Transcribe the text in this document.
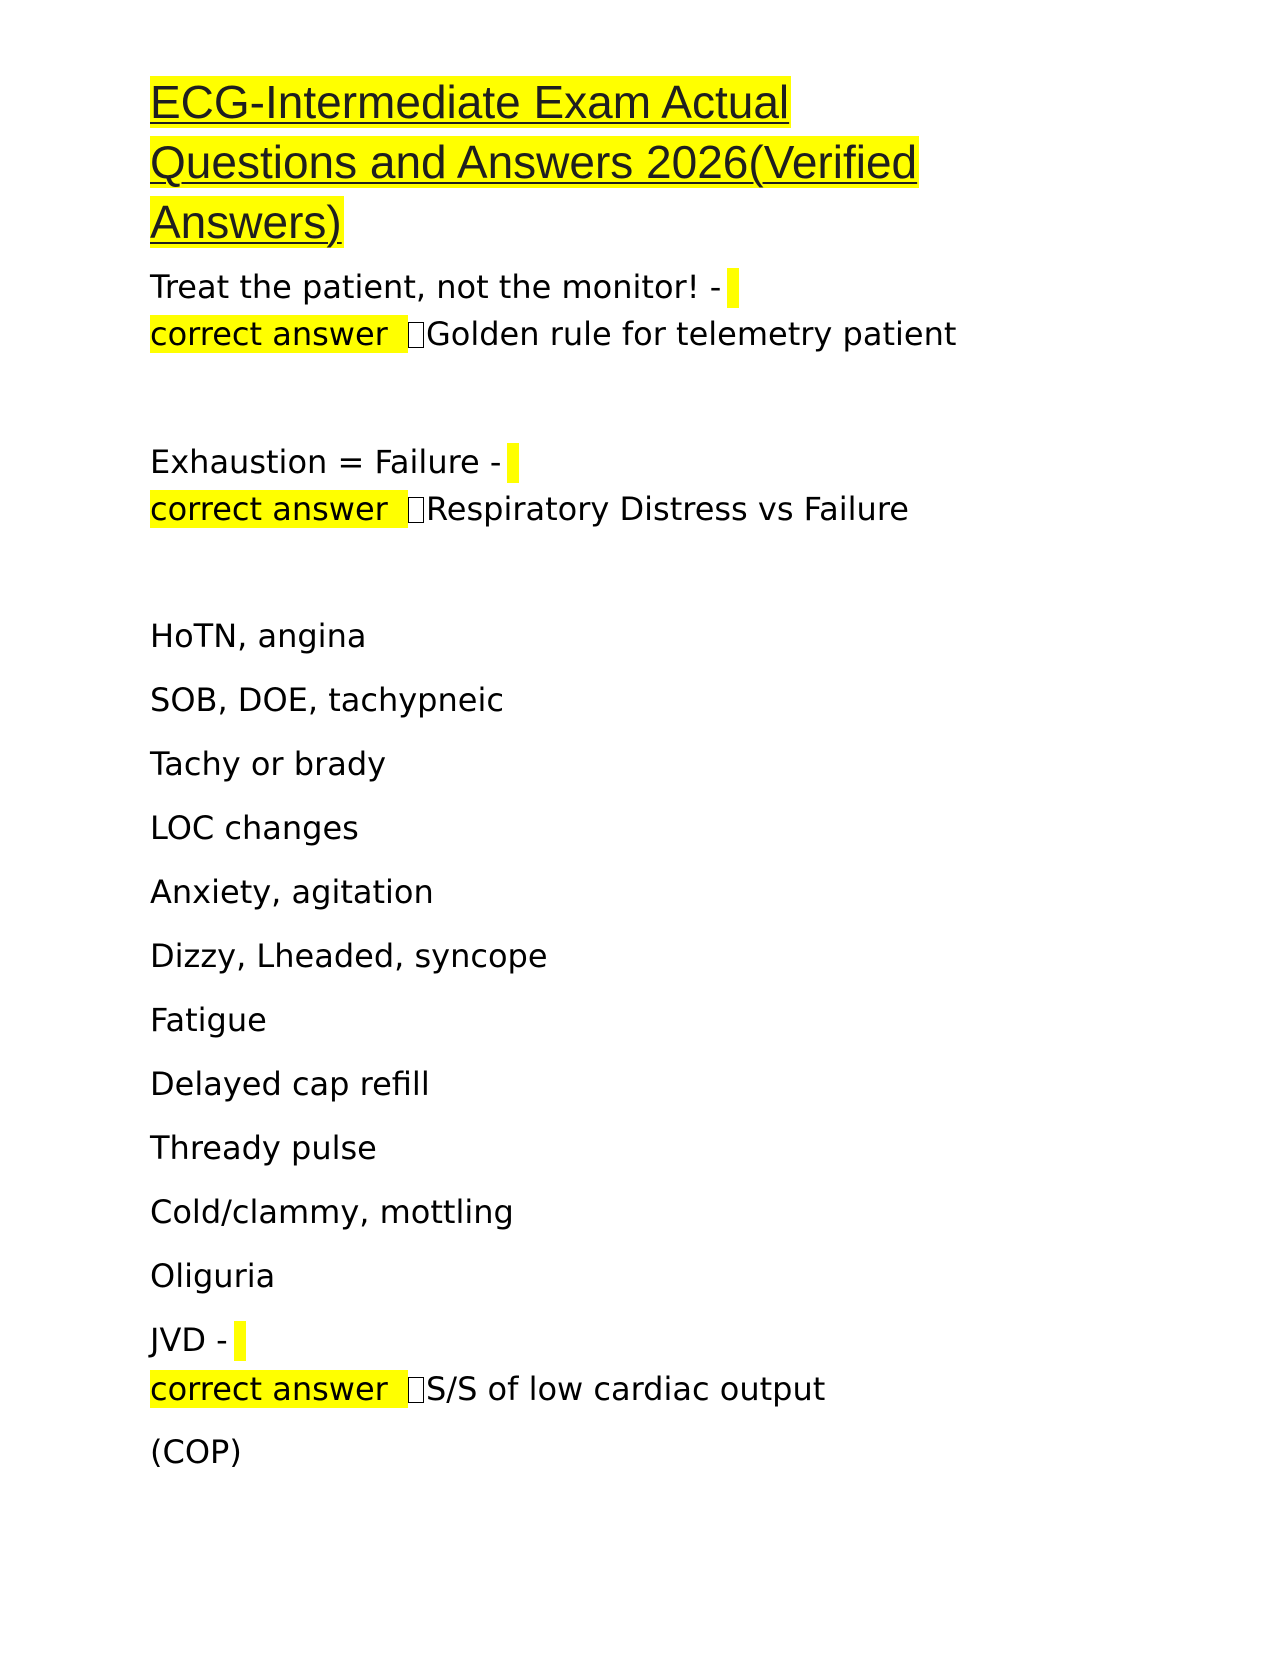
ECG-Intermediate Exam Actual
Questions and Answers 2026(Verified
Answers)
Treat the patient, not the monitor! -
correct answer Golden rule for telemetry patient
Exhaustion = Failure -
correct answer Respiratory Distress vs Failure
HoTN, angina
SOB, DOE, tachypneic
Tachy or brady
LOC changes
Anxiety, agitation
Dizzy, Lheaded, syncope
Fatigue
Delayed cap refill
Thready pulse
Cold/clammy, mottling
Oliguria
JVD -
correct answer S/S of low cardiac output
(COP)
